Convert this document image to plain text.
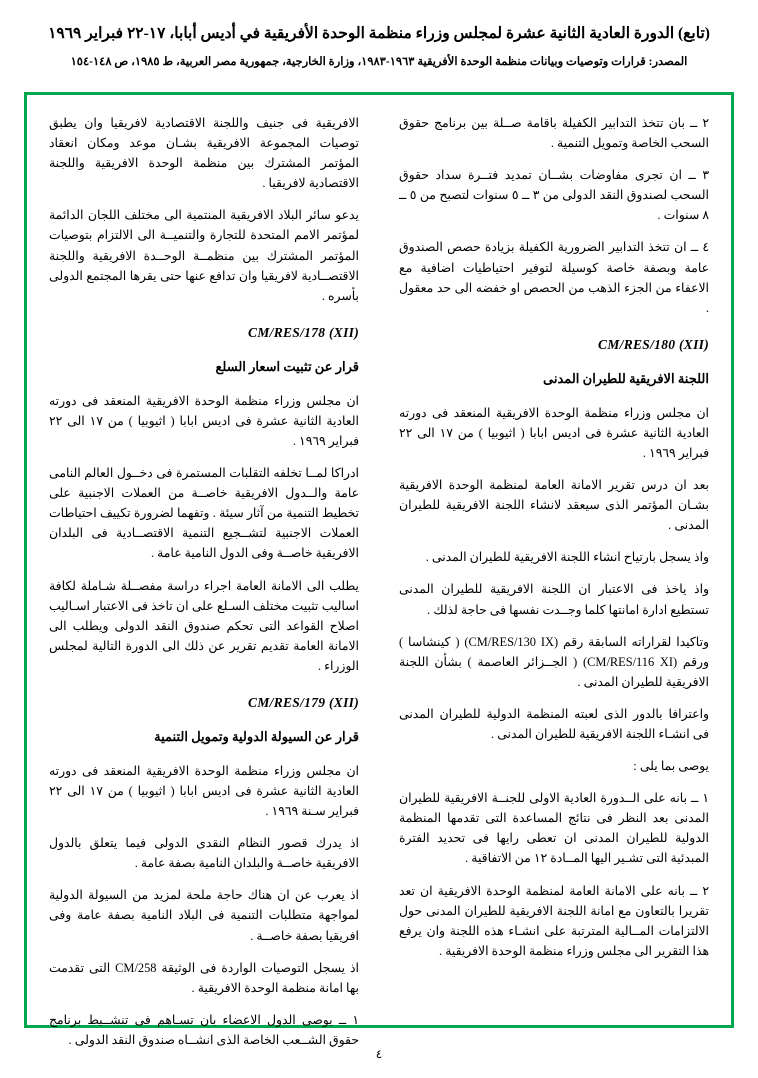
(تابع) الدورة العادية الثانية عشرة لمجلس وزراء منظمة الوحدة الأفريقية في أديس أبابا، ١٧-٢٢ فبراير ١٩٦٩
المصدر: قرارات وتوصيات وبيانات منظمة الوحدة الأفريقية ١٩٦٣-١٩٨٣، وزارة الخارجية، جمهورية مصر العربية، ط ١٩٨٥، ص ١٤٨-١٥٤
٢ ــ بان تتخذ التدابير الكفيلة باقامة صــلة بين برنامج حقوق السحب الخاصة وتمويل التنمية .
٣ ــ ان تجرى مفاوضات بشــان تمديد فتــرة سداد حقوق السحب لصندوق النقد الدولى من ٣ ــ ٥ سنوات لتصبح من ٥ ــ ٨ سنوات .
٤ ــ ان تتخذ التدابير الضرورية الكفيلة بزيادة حصص الصندوق عامة وبصفة خاصة كوسيلة لتوفير احتياطيات اضافية مع الاعفاء من الجزء الذهب من الحصص او خفضه الى حد معقول .
CM/RES/180 (XII)
اللجنة الافريقية للطيران المدنى
ان مجلس وزراء منظمة الوحدة الافريقية المنعقد فى دورته العادية الثانية عشرة فى اديس ابابا ( اثيوبيا ) من ١٧ الى ٢٢ فبراير ١٩٦٩ .
بعد ان درس تقرير الامانة العامة لمنظمة الوحدة الافريقية بشـان المؤتمر الذى سيعقد لانشاء اللجنة الافريقية للطيران المدنى .
واذ يسجل بارتياح انشاء اللجنة الافريقية للطيران المدنى .
واذ ياخذ فى الاعتبار ان اللجنة الافريقية للطيران المدنى تستطيع ادارة امانتها كلما وجــدت نفسها فى حاجة لذلك .
وتاكيدا لقراراته السابقة رقم (CM/RES/130 IX) ( كينشاسا ) ورقم (CM/RES/116 XI) ( الجــزائر العاصمة ) بشأن اللجنة الافريقية للطيران المدنى .
واعترافا بالدور الذى لعبته المنظمة الدولية للطيران المدنى فى انشـاء اللجنة الافريقية للطيران المدنى .
يوصى بما يلى :
١ ــ بانه على الــدورة العادية الاولى للجنــة الافريقية للطيران المدنى بعد النظر فى نتائج المساعدة التى تقدمها المنظمة الدولية للطيران المدنى ان تعطى رايها فى تحديد الفترة المبدئية التى تشـير اليها المــادة ١٢ من الاتفاقية .
٢ ــ بانه على الامانة العامة لمنظمة الوحدة الافريقية ان تعد تقريرا بالتعاون مع امانة اللجنة الافريقية للطيران المدنى حول الالتزامات المــالية المترتبة على انشـاء هذه اللجنة وان يرفع هذا التقرير الى مجلس وزراء منظمة الوحدة الافريقية .
الافريقية فى جنيف واللجنة الاقتصادية لافريقيا وان يطبق توصيات المجموعة الافريقية بشـان موعد ومكان انعقاد المؤتمر المشترك بين منظمة الوحدة الافريقية واللجنة الاقتصادية لافريقيا .
يدعو سائر البلاد الافريقية المنتمية الى مختلف اللجان الدائمة لمؤتمر الامم المتحدة للتجارة والتنميــة الى الالتزام بتوصيات المؤتمر المشترك بين منظمــة الوحــدة الافريقية واللجنة الاقتصــادية لافريقيا وان تدافع عنها حتى يقرها المجتمع الدولى بأسره .
CM/RES/178 (XII)
قرار عن تثبيت اسعار السلع
ان مجلس وزراء منظمة الوحدة الافريقية المنعقد فى دورته العادية الثانية عشرة فى اديس ابابا ( اثيوبيا ) من ١٧ الى ٢٢ فبراير ١٩٦٩ .
ادراكا لمــا تخلفه التقلبات المستمرة فى دخــول العالم النامى عامة والــدول الافريقية خاصــة من العملات الاجنبية على تخطيط التنمية من آثار سيئة . وتفهما لضرورة تكييف احتياطات العملات الاجنبية لتشــجيع التنمية الاقتصــادية فى البلدان الافريقية خاصــة وفى الدول النامية عامة .
يطلب الى الامانة العامة اجراء دراسة مفصــلة شـاملة لكافة اساليب تثبيت مختلف السـلع على ان تاخذ فى الاعتبار اسـاليب اصلاح القواعد التى تحكم صندوق النقد الدولى ويطلب الى الامانة العامة تقديم تقرير عن ذلك الى الدورة التالية لمجلس الوزراء .
CM/RES/179 (XII)
قرار عن السيولة الدولية وتمويل التنمية
ان مجلس وزراء منظمة الوحدة الافريقية المنعقد فى دورته العادية الثانية عشرة فى اديس ابابا ( اثيوبيا ) من ١٧ الى ٢٢ فبراير سـنة ١٩٦٩ .
اذ يدرك قصور النظام النقدى الدولى فيما يتعلق بالدول الافريقية خاصــة والبلدان النامية بصفة عامة .
اذ يعرب عن ان هناك حاجة ملحة لمزيد من السيولة الدولية لمواجهة متطلبات التنمية فى البلاد النامية بصفة عامة وفى افريقيا بصفة خاصــة .
اذ يسجل التوصيات الواردة فى الوثيقة CM/258 التى تقدمت بها امانة منظمة الوحدة الافريقية .
١ ــ يوصى الدول الاعضاء بان تسـاهم فى تنشــيط برنامج حقوق الشــعب الخاصة الذى انشــاه صندوق النقد الدولى .
٤
